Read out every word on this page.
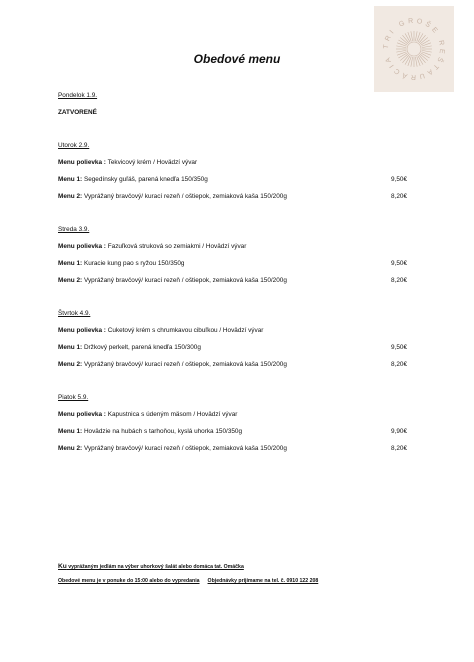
TRI GROŠE REŠTAURÁCIA
Obedové menu
Pondelok 1.9.
ZATVORENÉ
Utorok 2.9.
Menu polievka : Tekvicový krém / Hovädzí vývar
Menu 1: Segedínsky guľáš, parená knedľa 150/350g	9,50€
Menu 2: Vyprážaný bravčový/ kurací rezeň / oštiepok, zemiaková kaša 150/200g	8,20€
Streda 3.9.
Menu polievka : Fazuľková struková so zemiakmi / Hovädzí vývar
Menu 1: Kuracie kung pao s ryžou 150/350g	9,50€
Menu 2: Vyprážaný bravčový/ kurací rezeň / oštiepok, zemiaková kaša 150/200g	8,20€
Štvrtok 4.9.
Menu polievka : Cuketový krém s chrumkavou cibuľkou / Hovädzí vývar
Menu 1: Držkový perkelt, parená knedľa 150/300g	9,50€
Menu 2: Vyprážaný bravčový/ kurací rezeň / oštiepok, zemiaková kaša 150/200g	8,20€
Piatok 5.9.
Menu polievka : Kapustnica s údeným mäsom / Hovädzí vývar
Menu 1: Hovädzie na hubách s tarhoňou, kyslá uhorka 150/350g	9,90€
Menu 2: Vyprážaný bravčový/ kurací rezeň / oštiepok, zemiaková kaša 150/200g	8,20€
Ku vyprážaným jedlám na výber uhorkový šalát alebo domáca tat. Omáčka
Obedové menu je v ponuke do 15:00 alebo do vypredania Objednávky prijímame na tel. č. 0910 122 208
